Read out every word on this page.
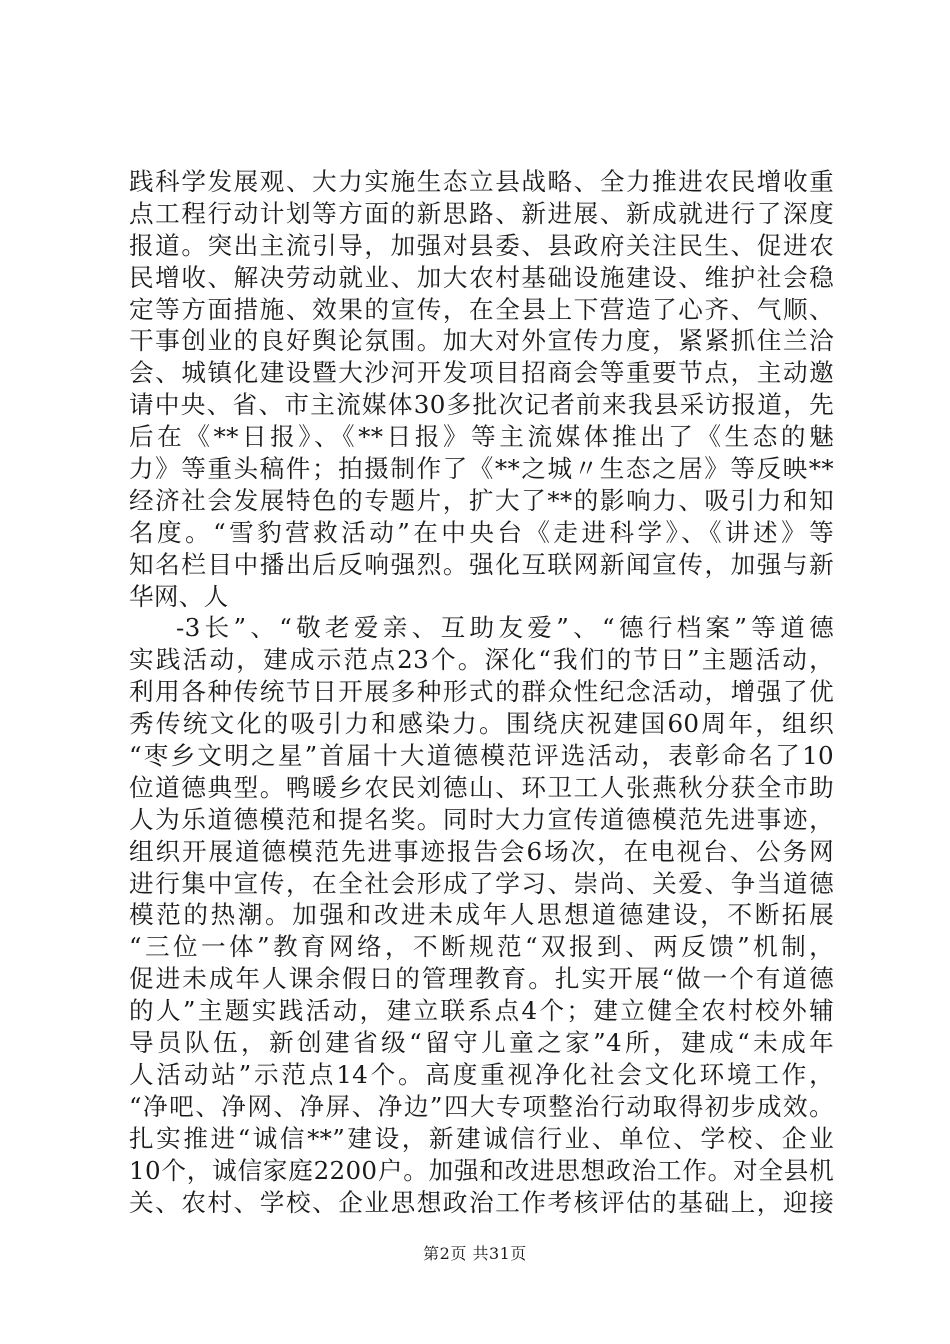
践科学发展观、大力实施生态立县战略、全力推进农民增收重
点工程行动计划等方面的新思路、新进展、新成就进行了深度
报道。突出主流引导，加强对县委、县政府关注民生、促进农
民增收、解决劳动就业、加大农村基础设施建设、维护社会稳
定等方面措施、效果的宣传，在全县上下营造了心齐、气顺、
干事创业的良好舆论氛围。加大对外宣传力度，紧紧抓住兰洽
会、城镇化建设暨大沙河开发项目招商会等重要节点，主动邀
请中央、省、市主流媒体30多批次记者前来我县采访报道，先
后在《**日报》、《**日报》等主流媒体推出了《生态的魅
力》等重头稿件；拍摄制作了《**之城〃生态之居》等反映**
经济社会发展特色的专题片，扩大了**的影响力、吸引力和知
名度。“雪豹营救活动”在中央台《走进科学》、《讲述》等
知名栏目中播出后反响强烈。强化互联网新闻宣传，加强与新
华网、人
-3长”、“敬老爱亲、互助友爱”、“德行档案”等道德
实践活动，建成示范点23个。深化“我们的节日”主题活动，
利用各种传统节日开展多种形式的群众性纪念活动，增强了优
秀传统文化的吸引力和感染力。围绕庆祝建国60周年，组织
“枣乡文明之星”首届十大道德模范评选活动，表彰命名了10
位道德典型。鸭暖乡农民刘德山、环卫工人张燕秋分获全市助
人为乐道德模范和提名奖。同时大力宣传道德模范先进事迹，
组织开展道德模范先进事迹报告会6场次，在电视台、公务网
进行集中宣传，在全社会形成了学习、崇尚、关爱、争当道德
模范的热潮。加强和改进未成年人思想道德建设，不断拓展
“三位一体”教育网络，不断规范“双报到、两反馈”机制，
促进未成年人课余假日的管理教育。扎实开展“做一个有道德
的人”主题实践活动，建立联系点4个；建立健全农村校外辅
导员队伍，新创建省级“留守儿童之家”4所，建成“未成年
人活动站”示范点14个。高度重视净化社会文化环境工作，
“净吧、净网、净屏、净边”四大专项整治行动取得初步成效。
扎实推进“诚信**”建设，新建诚信行业、单位、学校、企业
10个，诚信家庭2200户。加强和改进思想政治工作。对全县机
关、农村、学校、企业思想政治工作考核评估的基础上，迎接
第2页 共31页
